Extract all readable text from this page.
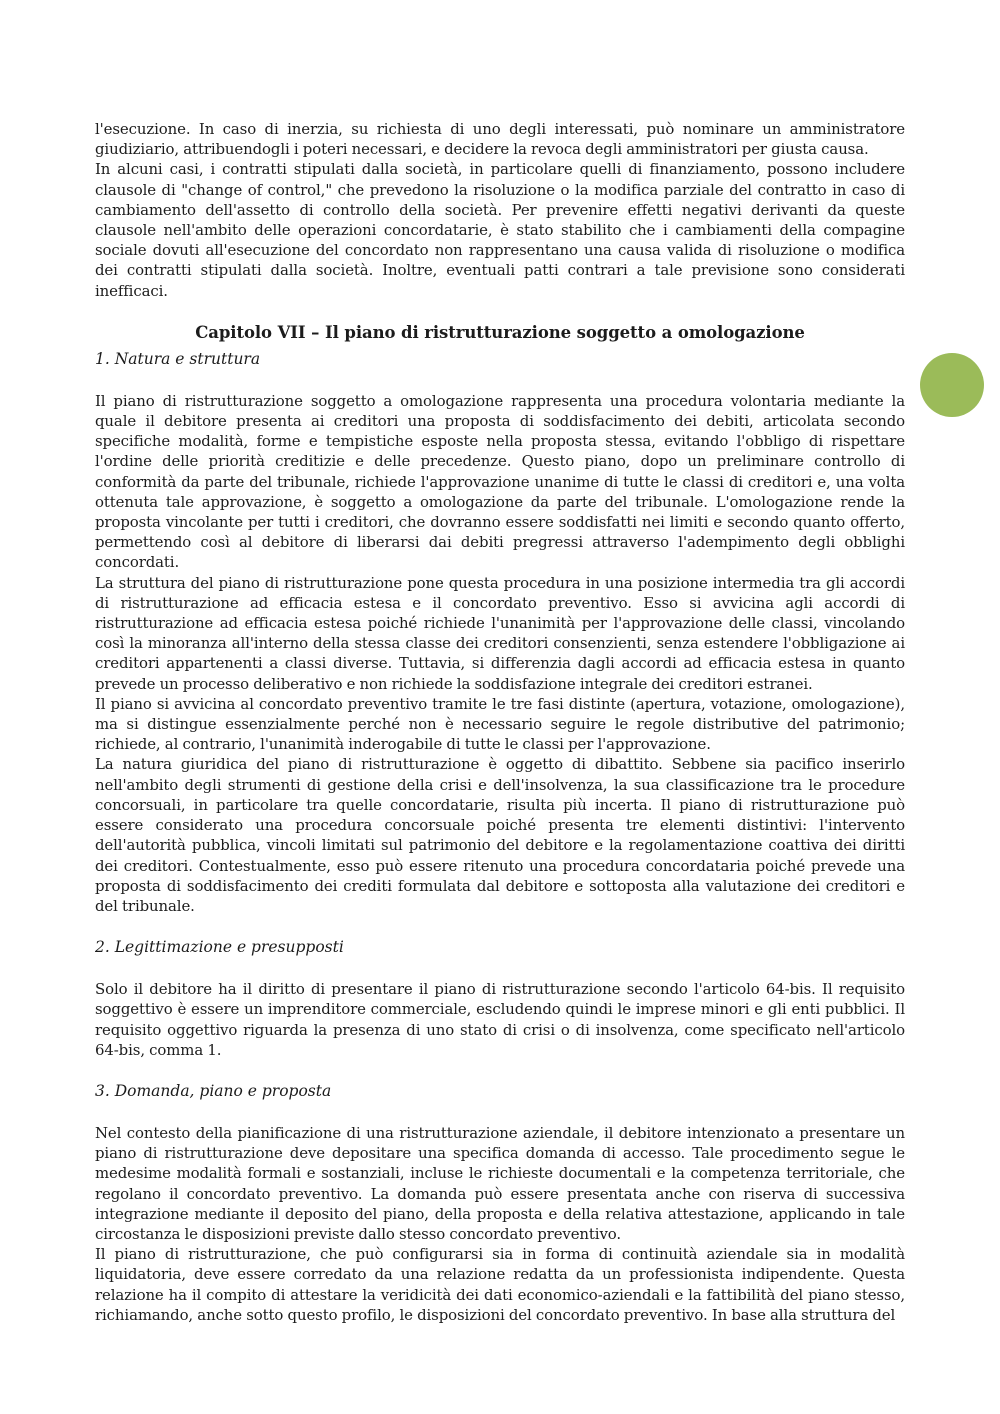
l'esecuzione. In caso di inerzia, su richiesta di uno degli interessati, può nominare un amministratore giudiziario, attribuendogli i poteri necessari, e decidere la revoca degli amministratori per giusta causa.

In alcuni casi, i contratti stipulati dalla società, in particolare quelli di finanziamento, possono includere clausole di "change of control," che prevedono la risoluzione o la modifica parziale del contratto in caso di cambiamento dell'assetto di controllo della società. Per prevenire effetti negativi derivanti da queste clausole nell'ambito delle operazioni concordatarie, è stato stabilito che i cambiamenti della compagine sociale dovuti all'esecuzione del concordato non rappresentano una causa valida di risoluzione o modifica dei contratti stipulati dalla società. Inoltre, eventuali patti contrari a tale previsione sono considerati inefficaci.

Capitolo VII – Il piano di ristrutturazione soggetto a omologazione
1. Natura e struttura

Il piano di ristrutturazione soggetto a omologazione rappresenta una procedura volontaria mediante la quale il debitore presenta ai creditori una proposta di soddisfacimento dei debiti, articolata secondo specifiche modalità, forme e tempistiche esposte nella proposta stessa, evitando l'obbligo di rispettare l'ordine delle priorità creditizie e delle precedenze. Questo piano, dopo un preliminare controllo di conformità da parte del tribunale, richiede l'approvazione unanime di tutte le classi di creditori e, una volta ottenuta tale approvazione, è soggetto a omologazione da parte del tribunale. L'omologazione rende la proposta vincolante per tutti i creditori, che dovranno essere soddisfatti nei limiti e secondo quanto offerto, permettendo così al debitore di liberarsi dai debiti pregressi attraverso l'adempimento degli obblighi concordati.

La struttura del piano di ristrutturazione pone questa procedura in una posizione intermedia tra gli accordi di ristrutturazione ad efficacia estesa e il concordato preventivo. Esso si avvicina agli accordi di ristrutturazione ad efficacia estesa poiché richiede l'unanimità per l'approvazione delle classi, vincolando così la minoranza all'interno della stessa classe dei creditori consenzienti, senza estendere l'obbligazione ai creditori appartenenti a classi diverse. Tuttavia, si differenzia dagli accordi ad efficacia estesa in quanto prevede un processo deliberativo e non richiede la soddisfazione integrale dei creditori estranei.

Il piano si avvicina al concordato preventivo tramite le tre fasi distinte (apertura, votazione, omologazione), ma si distingue essenzialmente perché non è necessario seguire le regole distributive del patrimonio; richiede, al contrario, l'unanimità inderogabile di tutte le classi per l'approvazione.

La natura giuridica del piano di ristrutturazione è oggetto di dibattito. Sebbene sia pacifico inserirlo nell'ambito degli strumenti di gestione della crisi e dell'insolvenza, la sua classificazione tra le procedure concorsuali, in particolare tra quelle concordatarie, risulta più incerta. Il piano di ristrutturazione può essere considerato una procedura concorsuale poiché presenta tre elementi distintivi: l'intervento dell'autorità pubblica, vincoli limitati sul patrimonio del debitore e la regolamentazione coattiva dei diritti dei creditori. Contestualmente, esso può essere ritenuto una procedura concordataria poiché prevede una proposta di soddisfacimento dei crediti formulata dal debitore e sottoposta alla valutazione dei creditori e del tribunale.

2. Legittimazione e presupposti

Solo il debitore ha il diritto di presentare il piano di ristrutturazione secondo l'articolo 64-bis. Il requisito soggettivo è essere un imprenditore commerciale, escludendo quindi le imprese minori e gli enti pubblici. Il requisito oggettivo riguarda la presenza di uno stato di crisi o di insolvenza, come specificato nell'articolo 64-bis, comma 1.

3. Domanda, piano e proposta

Nel contesto della pianificazione di una ristrutturazione aziendale, il debitore intenzionato a presentare un piano di ristrutturazione deve depositare una specifica domanda di accesso. Tale procedimento segue le medesime modalità formali e sostanziali, incluse le richieste documentali e la competenza territoriale, che regolano il concordato preventivo. La domanda può essere presentata anche con riserva di successiva integrazione mediante il deposito del piano, della proposta e della relativa attestazione, applicando in tale circostanza le disposizioni previste dallo stesso concordato preventivo.

Il piano di ristrutturazione, che può configurarsi sia in forma di continuità aziendale sia in modalità liquidatoria, deve essere corredato da una relazione redatta da un professionista indipendente. Questa relazione ha il compito di attestare la veridicità dei dati economico-aziendali e la fattibilità del piano stesso, richiamando, anche sotto questo profilo, le disposizioni del concordato preventivo. In base alla struttura del
